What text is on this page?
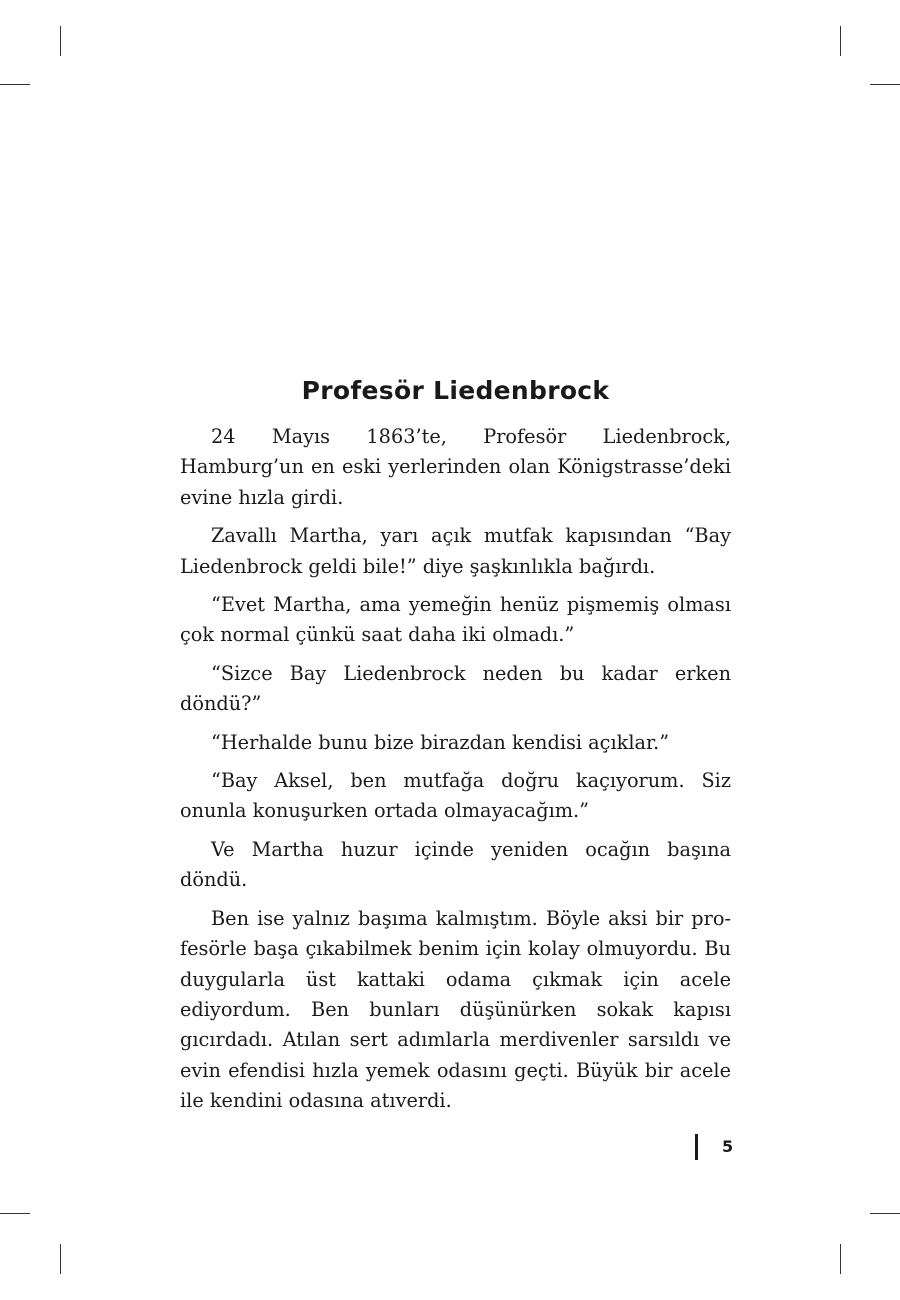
Profesör Liedenbrock

24 Mayıs 1863’te, Profesör Liedenbrock, Hamburg’un en eski yerlerinden olan Königstrasse’deki evine hızla girdi.

Zavallı Martha, yarı açık mutfak kapısından “Bay Liedenbrock geldi bile!” diye şaşkınlıkla bağırdı.

“Evet Martha, ama yemeğin henüz pişmemiş olması çok normal çünkü saat daha iki olmadı.”

“Sizce Bay Liedenbrock neden bu kadar erken döndü?”

“Herhalde bunu bize birazdan kendisi açıklar.”

“Bay Aksel, ben mutfağa doğru kaçıyorum. Siz onunla konuşurken ortada olmayacağım.”

Ve Martha huzur içinde yeniden ocağın başına döndü.

Ben ise yalnız başıma kalmıştım. Böyle aksi bir profesörle başa çıkabilmek benim için kolay olmuyordu. Bu duygularla üst kattaki odama çıkmak için acele ediyordum. Ben bunları düşünürken sokak kapısı gıcırdadı. Atılan sert adımlarla merdivenler sarsıldı ve evin efendisi hızla yemek odasını geçti. Büyük bir acele ile kendini odasına atıverdi.

5
